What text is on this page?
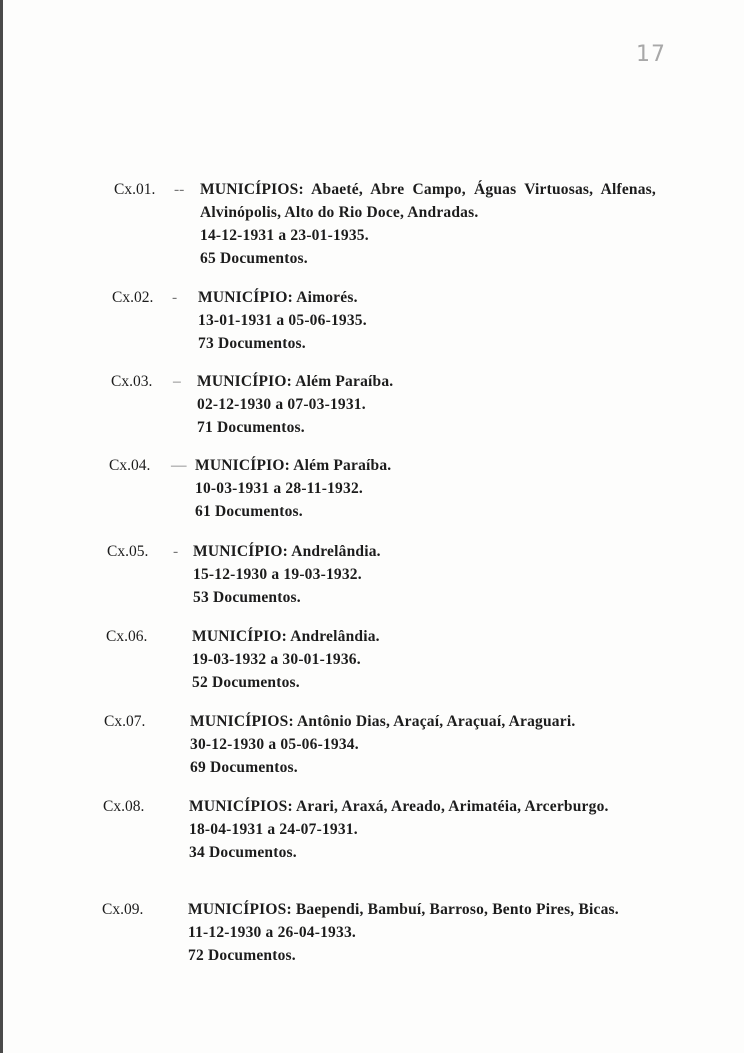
17
Cx.01.	-- MUNICÍPIOS: Abaeté, Abre Campo, Águas Virtuosas, Alfenas, Alvinópolis, Alto do Rio Doce, Andradas.
14-12-1931 a 23-01-1935.
65 Documentos.
Cx.02.	- MUNICÍPIO: Aimorés.
13-01-1931 a 05-06-1935.
73 Documentos.
Cx.03.	– MUNICÍPIO: Além Paraíba.
02-12-1930 a 07-03-1931.
71 Documentos.
Cx.04.	— MUNICÍPIO: Além Paraíba.
10-03-1931 a 28-11-1932.
61 Documentos.
Cx.05.	- MUNICÍPIO: Andrelândia.
15-12-1930 a 19-03-1932.
53 Documentos.
Cx.06.	MUNICÍPIO: Andrelândia.
19-03-1932 a 30-01-1936.
52 Documentos.
Cx.07.	MUNICÍPIOS: Antônio Dias, Araçaí, Araçuaí, Araguari.
30-12-1930 a 05-06-1934.
69 Documentos.
Cx.08.	MUNICÍPIOS: Arari, Araxá, Areado, Arimatéia, Arcerburgo.
18-04-1931 a 24-07-1931.
34 Documentos.
Cx.09.	MUNICÍPIOS: Baependi, Bambuí, Barroso, Bento Pires, Bicas.
11-12-1930 a 26-04-1933.
72 Documentos.
